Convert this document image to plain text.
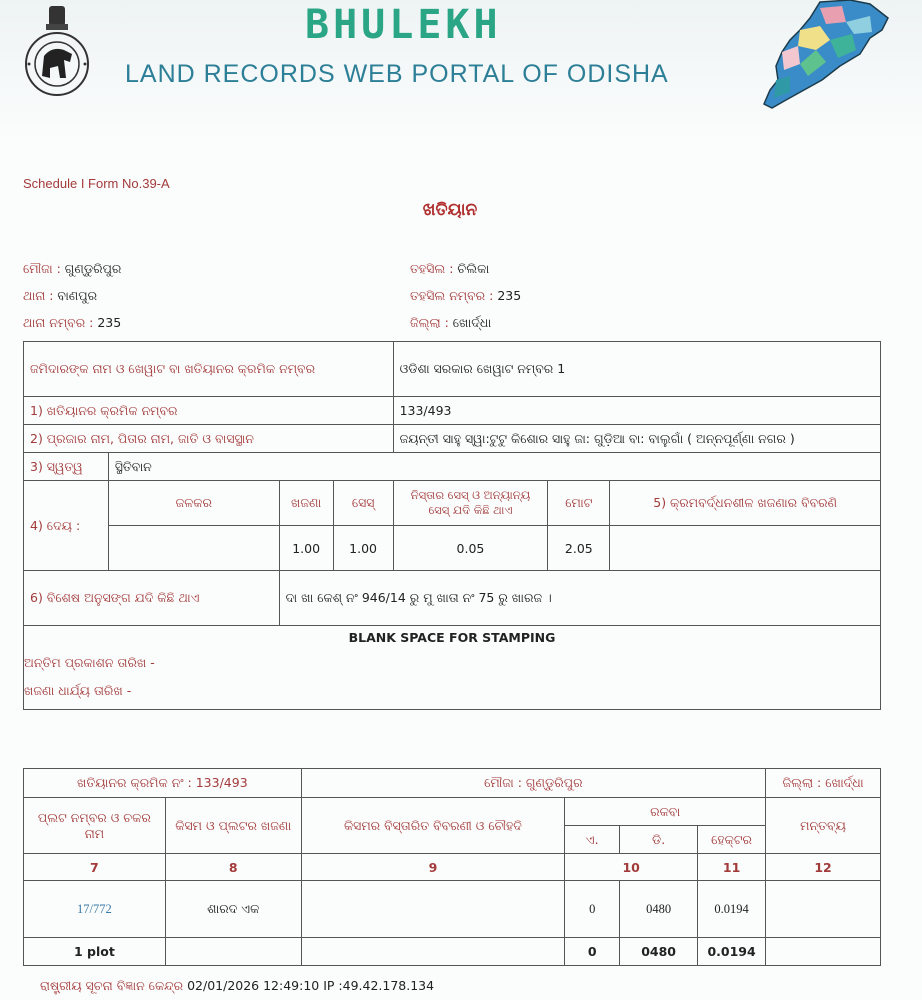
BHULEKH
LAND RECORDS WEB PORTAL OF ODISHA
Schedule I Form No.39-A
ଖତିୟାନ
ମୌଜା : ଗୁଣ୍ଡୁରିପୁର
ଥାନା : ବାଣପୁର
ଥାନା ନମ୍ବର : 235
ତହସିଲ : ଚିଲିକା
ତହସିଲ ନମ୍ବର : 235
ଜିଲ୍ଲା : ଖୋର୍ଦ୍ଧା
ଜମିଦାରଙ୍କ ନାମ ଓ ଖେୱାଟ ବା ଖତିୟାନର କ୍ରମିକ ନମ୍ବର				ଓଡିଶା ସରକାର ଖେୱାଟ ନମ୍ବର 1		
1) ଖତିୟାନର କ୍ରମିକ ନମ୍ବର				133/493		
2) ପ୍ରଜାର ନାମ, ପିତାର ନାମ, ଜାତି ଓ ବାସସ୍ଥାନ				ଜୟନ୍ତୀ ସାହୁ ସ୍ୱା:ଟୁଟୁ କିଶୋର ସାହୁ ଜା: ଗୁଡ଼ିଆ ବା: ବାଲୁଗାଁ ( ଅନ୍ନପୂର୍ଣ୍ଣା ନଗର )		
3) ସ୍ୱତ୍ୱ	ସ୍ଥିତିବାନ					
4) ଦେୟ :	ଜଳକର	ଖଜଣା	ସେସ୍	ନିସ୍ତାର ସେସ୍ ଓ ଅନ୍ୟାନ୍ୟ ସେସ୍ ଯଦି କିଛି ଥାଏ	ମୋଟ	5) କ୍ରମବର୍ଦ୍ଧନଶୀଳ ଖଜଣାର ବିବରଣି
		1.00	1.00	0.05	2.05	
6) ବିଶେଷ ଅନୁସଙ୍ଗ ଯଦି କିଛି ଥାଏ		ଦା ଖା କେଶ୍ ନଂ 946/14 ରୁ ମୁ ଖାତା ନଂ 75 ରୁ ଖାରଜ ।				

BLANK SPACE FOR STAMPING
ଅନ୍ତିମ ପ୍ରକାଶନ ତାରିଖ -
ଖଜଣା ଧାର୍ଯ୍ୟ ତାରିଖ -						
ଖତିୟାନର କ୍ରମିକ ନଂ : 133/493		ମୌଜା : ଗୁଣ୍ଡୁରିପୁର				ଜିଲ୍ଲା : ଖୋର୍ଦ୍ଧା
ପ୍ଲଟ ନମ୍ବର ଓ ଚକର ନାମ	କିସମ ଓ ପ୍ଲଟର ଖଜଣା	କିସମର ବିସ୍ତାରିତ ବିବରଣୀ ଓ ଚୌହଦି	ରକବା			ମନ୍ତବ୍ୟ
			ଏ.	ଡି.	ହେକ୍ଟର	
7	8	9	10		11	12
17/772	ଶାରଦ ଏକ		0	0480	0.0194	
1 plot			0	0480	0.0194	
ରାଷ୍ଟ୍ରୀୟ ସୂଚନା ବିଜ୍ଞାନ କେନ୍ଦ୍ର 02/01/2026 12:49:10 IP :49.42.178.134
